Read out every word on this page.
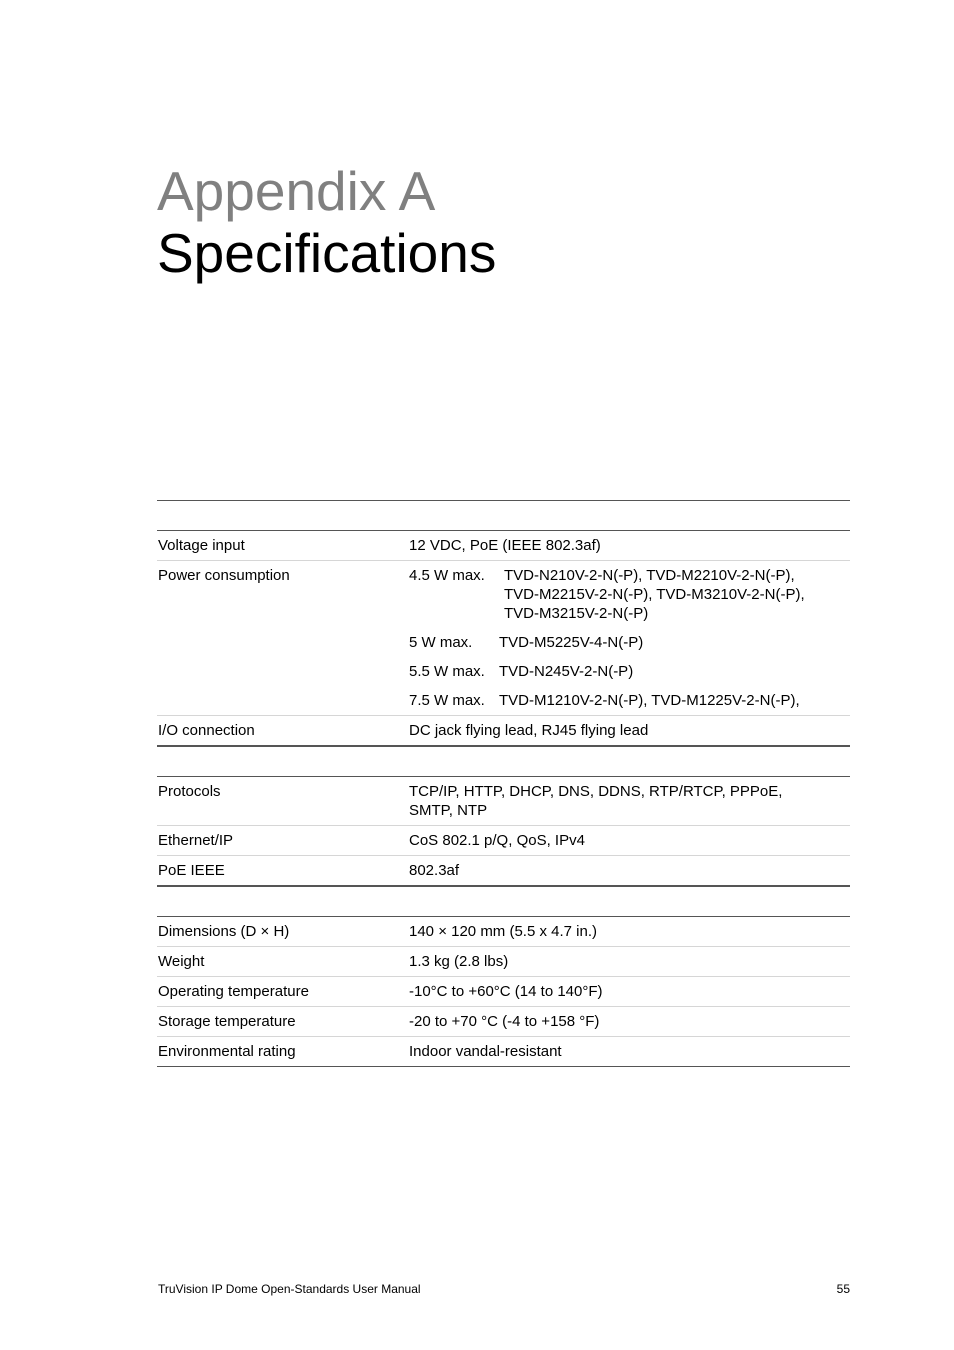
Appendix A
Specifications
Voltage input	12 VDC, PoE (IEEE 802.3af)
Power consumption	4.5 W max.	TVD-N210V-2-N(-P), TVD-M2210V-2-N(-P),
TVD-M2215V-2-N(-P), TVD-M3210V-2-N(-P),
TVD-M3215V-2-N(-P)
5 W max.	TVD-M5225V-4-N(-P)
5.5 W max. TVD-N245V-2-N(-P)
7.5 W max. TVD-M1210V-2-N(-P), TVD-M1225V-2-N(-P),
I/O connection	DC jack flying lead, RJ45 flying lead
Protocols	TCP/IP, HTTP, DHCP, DNS, DDNS, RTP/RTCP, PPPoE,
SMTP, NTP
Ethernet/IP	CoS 802.1 p/Q, QoS, IPv4
PoE IEEE	802.3af
Dimensions (D × H)	140 × 120 mm (5.5 x 4.7 in.)
Weight	1.3 kg (2.8 lbs)
Operating temperature	-10°C to +60°C (14 to 140°F)
Storage temperature	-20 to +70 °C (-4 to +158 °F)
Environmental rating	Indoor vandal-resistant
TruVision IP Dome Open-Standards User Manual	55
